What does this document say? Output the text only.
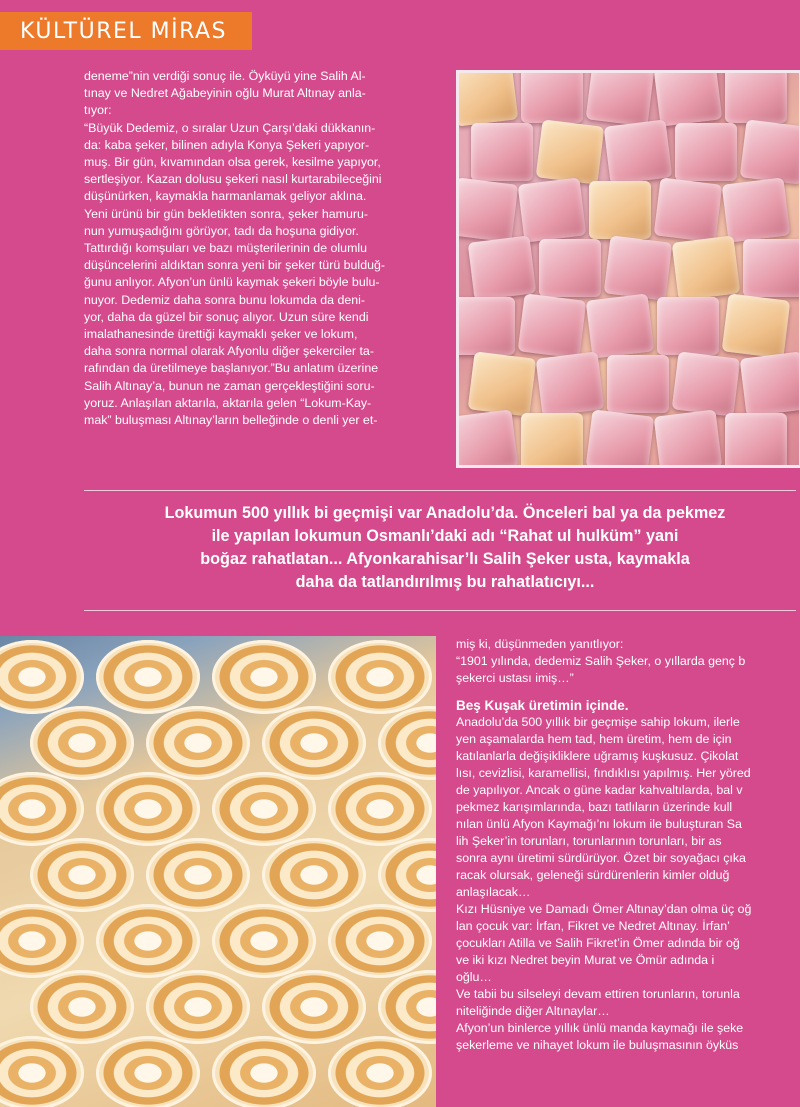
KÜLTÜREL MİRAS

deneme”nin verdiği sonuç ile. Öyküyü yine Salih Al-

tınay ve Nedret Ağabeyinin oğlu Murat Altınay anla-

tıyor:

“Büyük Dedemiz, o sıralar Uzun Çarşı’daki dükkanın-

da: kaba şeker, bilinen adıyla Konya Şekeri yapıyor-

muş. Bir gün, kıvamından olsa gerek, kesilme yapıyor,

sertleşiyor. Kazan dolusu şekeri nasıl kurtarabileceğini

düşünürken, kaymakla harmanlamak geliyor aklına.

Yeni ürünü bir gün bekletikten sonra, şeker hamuru-

nun yumuşadığını görüyor, tadı da hoşuna gidiyor.

Tattırdığı komşuları ve bazı müşterilerinin de olumlu

düşüncelerini aldıktan sonra yeni bir şeker türü bulduğ-

ğunu anlıyor. Afyon’un ünlü kaymak şekeri böyle bulu-

nuyor. Dedemiz daha sonra bunu lokumda da deni-

yor, daha da güzel bir sonuç alıyor. Uzun süre kendi

imalathanesinde ürettiği kaymaklı şeker ve lokum,

daha sonra normal olarak Afyonlu diğer şekerciler ta-

rafından da üretilmeye başlanıyor.”Bu anlatım üzerine

Salih Altınay’a, bunun ne zaman gerçekleştiğini soru-

yoruz. Anlaşılan aktarıla, aktarıla gelen “Lokum-Kay-

mak” buluşması Altınay’ların belleğinde o denli yer et-

Lokumun 500 yıllık bi geçmişi var Anadolu’da. Önceleri bal ya da pekmez

ile yapılan lokumun Osmanlı’daki adı “Rahat ul hulküm” yani

boğaz rahatlatan... Afyonkarahisar’lı Salih Şeker usta, kaymakla

daha da tatlandırılmış bu rahatlatıcıyı...

miş ki, düşünmeden yanıtlıyor:

“1901 yılında, dedemiz Salih Şeker, o yıllarda genç b

şekerci ustası imiş…”

Beş Kuşak üretimin içinde.

Anadolu’da 500 yıllık bir geçmişe sahip lokum, ilerle

yen aşamalarda hem tad, hem üretim, hem de için

katılanlarla değişikliklere uğramış kuşkusuz. Çikolat

lısı, cevizlisi, karamellisi, fındıklısı yapılmış. Her yöred

de yapılıyor. Ancak o güne kadar kahvaltılarda, bal v

pekmez karışımlarında, bazı tatlıların üzerinde kull

nılan ünlü Afyon Kaymağı’nı lokum ile buluşturan Sa

lih Şeker’in torunları, torunlarının torunları, bir as

sonra aynı üretimi sürdürüyor. Özet bir soyağacı çıka

racak olursak, geleneği sürdürenlerin kimler olduğ

anlaşılacak…

Kızı Hüsniye ve Damadı Ömer Altınay’dan olma üç oğ

lan çocuk var: İrfan, Fikret ve Nedret Altınay. İrfan’

çocukları Atilla ve Salih Fikret’in Ömer adında bir oğ

ve iki kızı Nedret beyin Murat ve Ömür adında i

oğlu…

Ve tabii bu silseleyi devam ettiren torunların, torunla

niteliğinde diğer Altınaylar…

Afyon’un binlerce yıllık ünlü manda kaymağı ile şeke

şekerleme ve nihayet lokum ile buluşmasının öyküs
